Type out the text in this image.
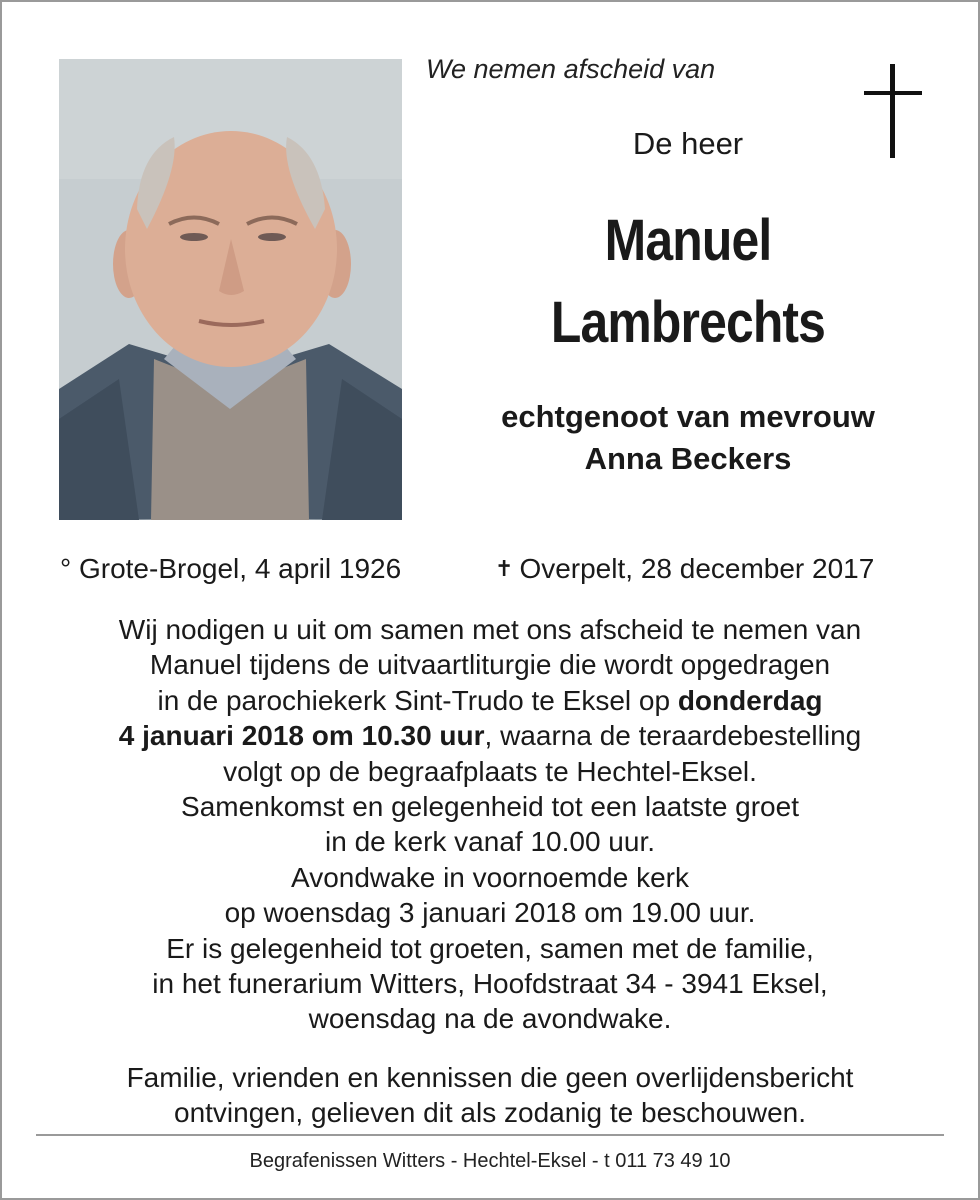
We nemen afscheid van
De heer
Manuel
Lambrechts
echtgenoot van mevrouw
Anna Beckers
° Grote-Brogel, 4 april 1926	✝ Overpelt, 28 december 2017
Wij nodigen u uit om samen met ons afscheid te nemen van
Manuel tijdens de uitvaartliturgie die wordt opgedragen
in de parochiekerk Sint-Trudo te Eksel op donderdag
4 januari 2018 om 10.30 uur, waarna de teraardebestelling
volgt op de begraafplaats te Hechtel-Eksel.
Samenkomst en gelegenheid tot een laatste groet
in de kerk vanaf 10.00 uur.
Avondwake in voornoemde kerk
op woensdag 3 januari 2018 om 19.00 uur.
Er is gelegenheid tot groeten, samen met de familie,
in het funerarium Witters, Hoofdstraat 34 - 3941 Eksel,
woensdag na de avondwake.
Familie, vrienden en kennissen die geen overlijdensbericht
ontvingen, gelieven dit als zodanig te beschouwen.
Begrafenissen Witters - Hechtel-Eksel - t 011 73 49 10
